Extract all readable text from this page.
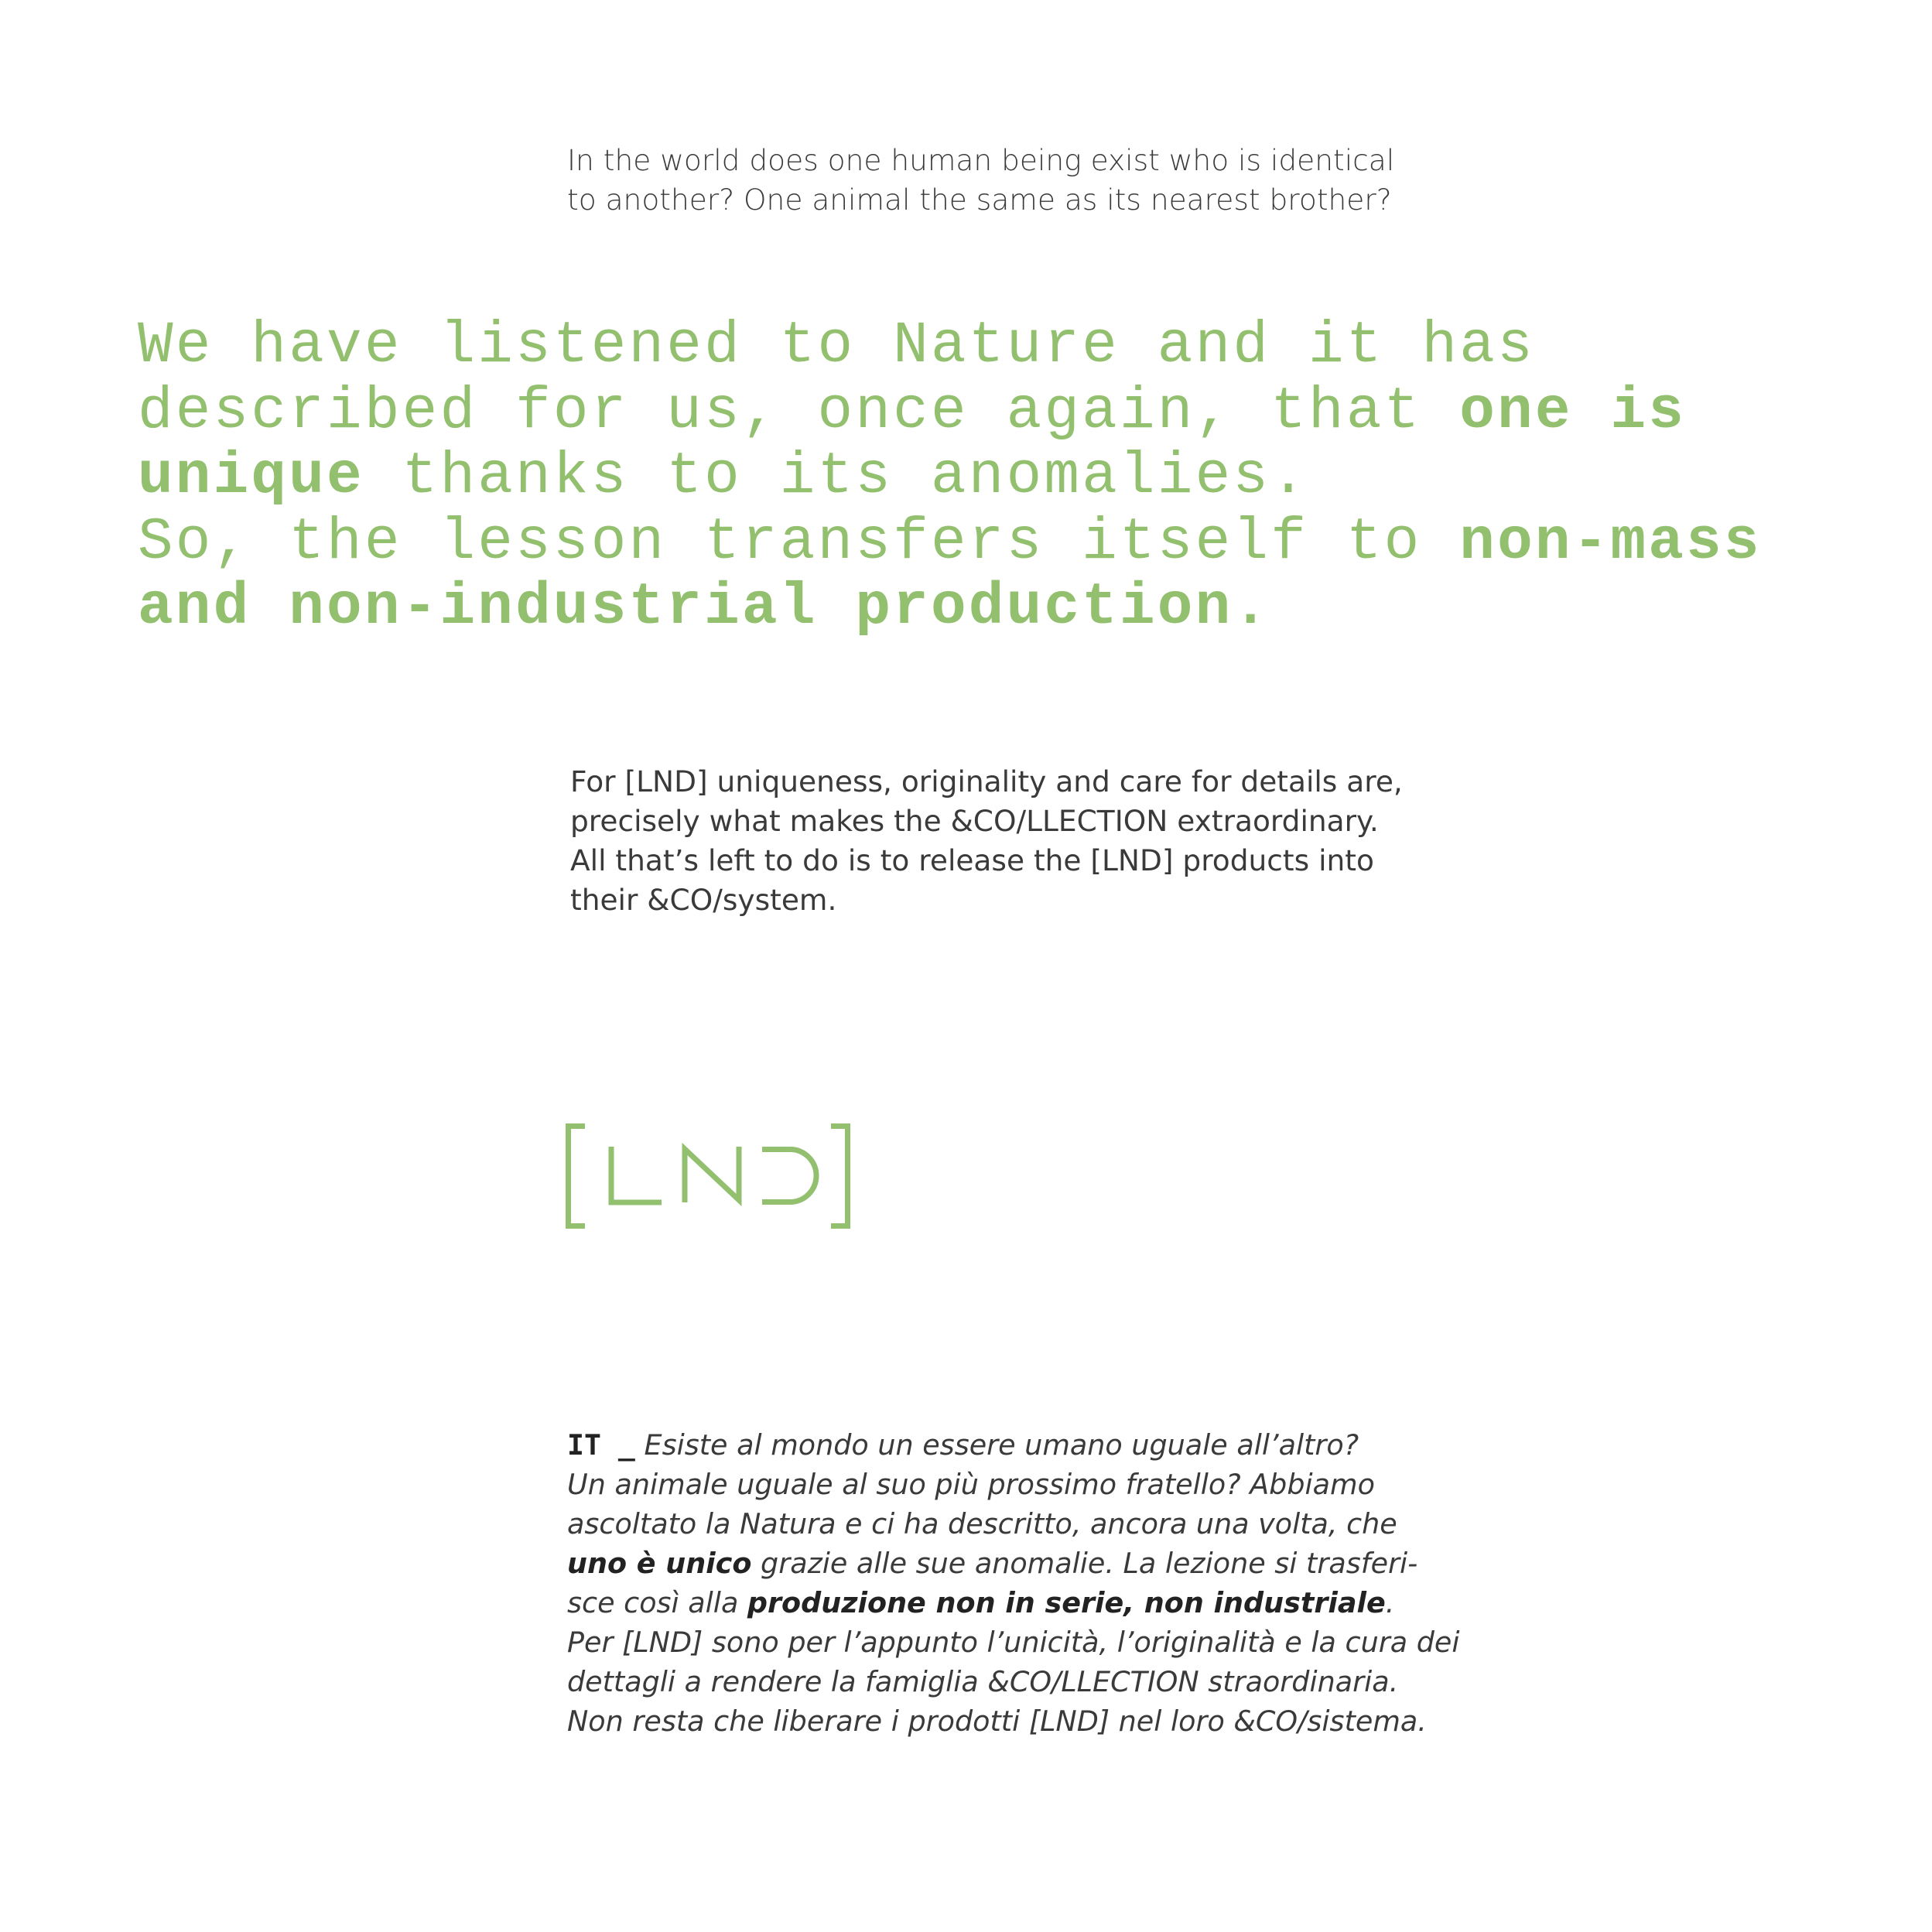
In the world does one human being exist who is identical
to another? One animal the same as its nearest brother?

We have listened to Nature and it has
described for us, once again, that one is
unique thanks to its anomalies.
So, the lesson transfers itself to non-mass
and non-industrial production.

For [LND] uniqueness, originality and care for details are,
precisely what makes the &CO/LLECTION extraordinary.
All that’s left to do is to release the [LND] products into
their &CO/system.

IT _ Esiste al mondo un essere umano uguale all’altro?
Un animale uguale al suo più prossimo fratello? Abbiamo
ascoltato la Natura e ci ha descritto, ancora una volta, che
uno è unico grazie alle sue anomalie. La lezione si trasferi-
sce così alla produzione non in serie, non industriale.
Per [LND] sono per l’appunto l’unicità, l’originalità e la cura dei
dettagli a rendere la famiglia &CO/LLECTION straordinaria.
Non resta che liberare i prodotti [LND] nel loro &CO/sistema.
